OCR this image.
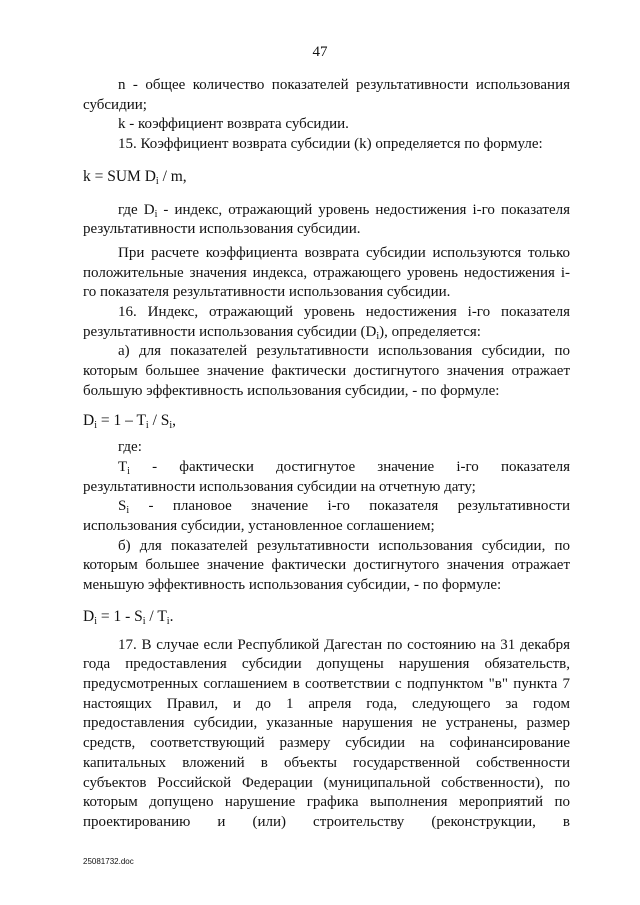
47

n - общее количество показателей результативности использования субсидии;

k - коэффициент возврата субсидии.

15. Коэффициент возврата субсидии (k) определяется по формуле:

k = SUM $D_i$ / m,

где $D_i$ - индекс, отражающий уровень недостижения i-го показателя результативности использования субсидии.

При расчете коэффициента возврата субсидии используются только положительные значения индекса, отражающего уровень недостижения i-го показателя результативности использования субсидии.

16. Индекс, отражающий уровень недостижения i-го показателя результативности использования субсидии $(D_i)$, определяется:

а) для показателей результативности использования субсидии, по которым большее значение фактически достигнутого значения отражает большую эффективность использования субсидии, - по формуле:

$D_i = 1 - T_i / S_i$,

где:

$T_i$ - фактически достигнутое значение i-го показателя результативности использования субсидии на отчетную дату;

$S_i$ - плановое значение i-го показателя результативности использования субсидии, установленное соглашением;

б) для показателей результативности использования субсидии, по которым большее значение фактически достигнутого значения отражает меньшую эффективность использования субсидии, - по формуле:

$D_i = 1 - S_i / T_i$.

17. В случае если Республикой Дагестан по состоянию на 31 декабря года предоставления субсидии допущены нарушения обязательств, предусмотренных соглашением в соответствии с подпунктом "в" пункта 7 настоящих Правил, и до 1 апреля года, следующего за годом предоставления субсидии, указанные нарушения не устранены, размер средств, соответствующий размеру субсидии на софинансирование капитальных вложений в объекты государственной собственности субъектов Российской Федерации (муниципальной собственности), по которым допущено нарушение графика выполнения мероприятий по проектированию и (или) строительству (реконструкции, в

25081732.doc
